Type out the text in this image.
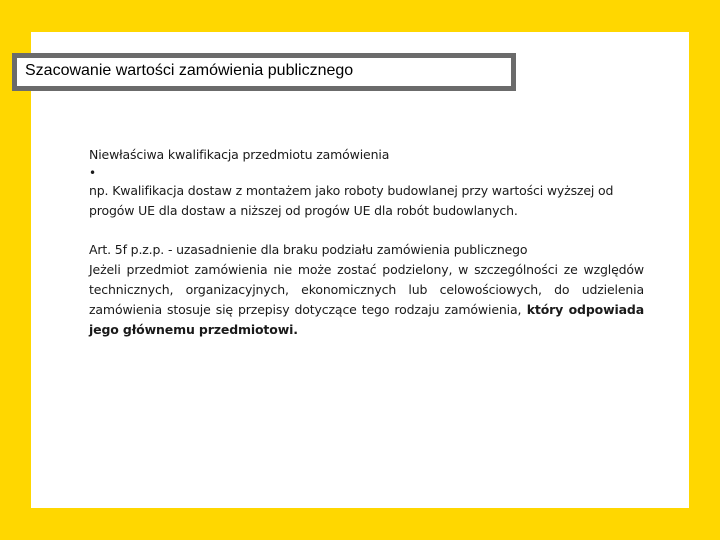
Szacowanie wartości zamówienia publicznego

Niewłaściwa kwalifikacja przedmiotu zamówienia

•
np. Kwalifikacja dostaw z montażem jako roboty budowlanej przy wartości wyższej od progów UE dla dostaw a niższej od progów UE dla robót budowlanych.

Art. 5f p.z.p. - uzasadnienie dla braku podziału zamówienia publicznego
Jeżeli przedmiot zamówienia nie może zostać podzielony, w szczególności ze względów technicznych, organizacyjnych, ekonomicznych lub celowościowych, do udzielenia zamówienia stosuje się przepisy dotyczące tego rodzaju zamówienia, który odpowiada jego głównemu przedmiotowi.
